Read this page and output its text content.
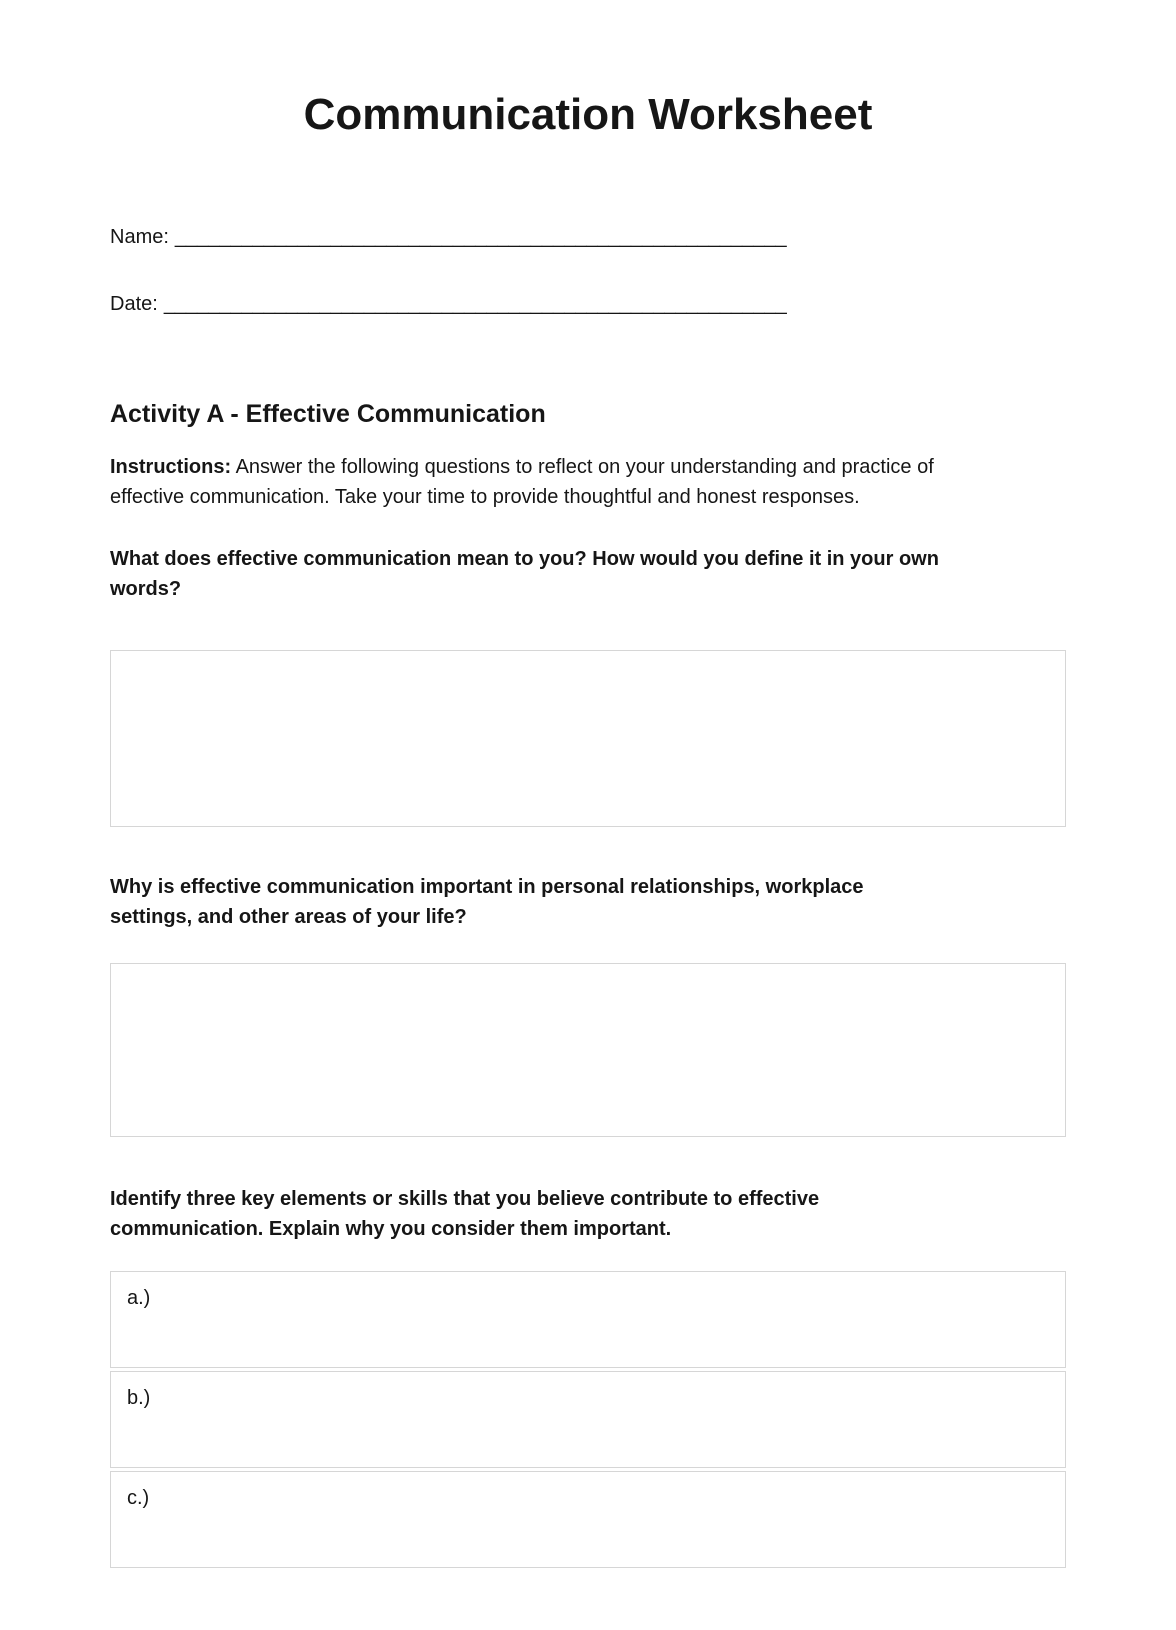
Communication Worksheet
Name: _______________________________________________________
Date: ________________________________________________________
Activity A - Effective Communication

Instructions: Answer the following questions to reflect on your understanding and practice of
effective communication. Take your time to provide thoughtful and honest responses.

What does effective communication mean to you? How would you define it in your own
words?

Why is effective communication important in personal relationships, workplace
settings, and other areas of your life?

Identify three key elements or skills that you believe contribute to effective
communication. Explain why you consider them important.

a.)
b.)
c.)
